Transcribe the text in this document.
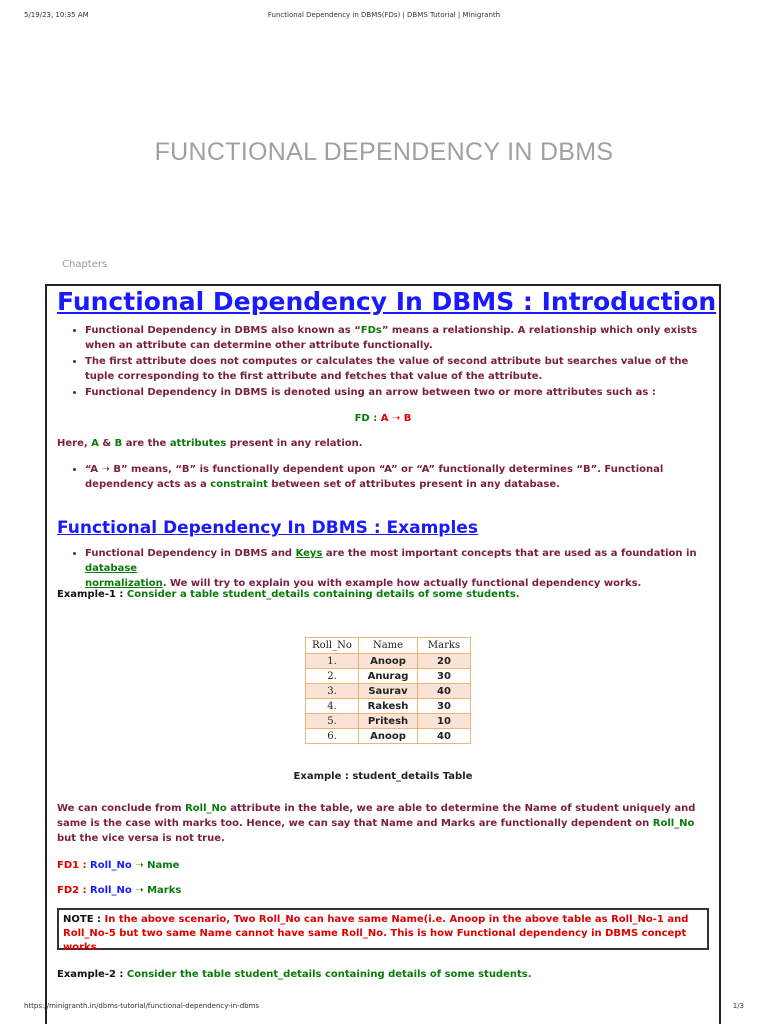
5/19/23, 10:35 AM	Functional Dependency in DBMS(FDs) | DBMS Tutorial | Minigranth
FUNCTIONAL DEPENDENCY IN DBMS
Chapters
Functional Dependency In DBMS : Introduction
• Functional Dependency in DBMS also known as “FDs” means a relationship. A relationship which only exists when an attribute can determine other attribute functionally.
• The first attribute does not computes or calculates the value of second attribute but searches value of the tuple corresponding to the first attribute and fetches that value of the attribute.
• Functional Dependency in DBMS is denoted using an arrow between two or more attributes such as :
FD : A ➝ B
Here, A & B are the attributes present in any relation.
• “A ➝ B” means, “B” is functionally dependent upon “A” or “A” functionally determines “B”. Functional dependency acts as a constraint between set of attributes present in any database.
Functional Dependency In DBMS : Examples
• Functional Dependency in DBMS and Keys are the most important concepts that are used as a foundation in database
normalization. We will try to explain you with example how actually functional dependency works.
Example-1 : Consider a table student_details containing details of some students.
Roll_No	Name	Marks
1.	Anoop	20
2.	Anurag	30
3.	Saurav	40
4.	Rakesh	30
5.	Pritesh	10
6.	Anoop	40
Example : student_details Table
We can conclude from Roll_No attribute in the table, we are able to determine the Name of student uniquely and same is the case with marks too. Hence, we can say that Name and Marks are functionally dependent on Roll_No but the vice versa is not true.
FD1 : Roll_No ➝ Name
FD2 : Roll_No ➝ Marks
NOTE : In the above scenario, Two Roll_No can have same Name(i.e. Anoop in the above table as Roll_No-1 and Roll_No-5 but two same Name cannot have same Roll_No. This is how Functional dependency in DBMS concept works.
Example-2 : Consider the table student_details containing details of some students.
https://minigranth.in/dbms-tutorial/functional-dependency-in-dbms	1/3
